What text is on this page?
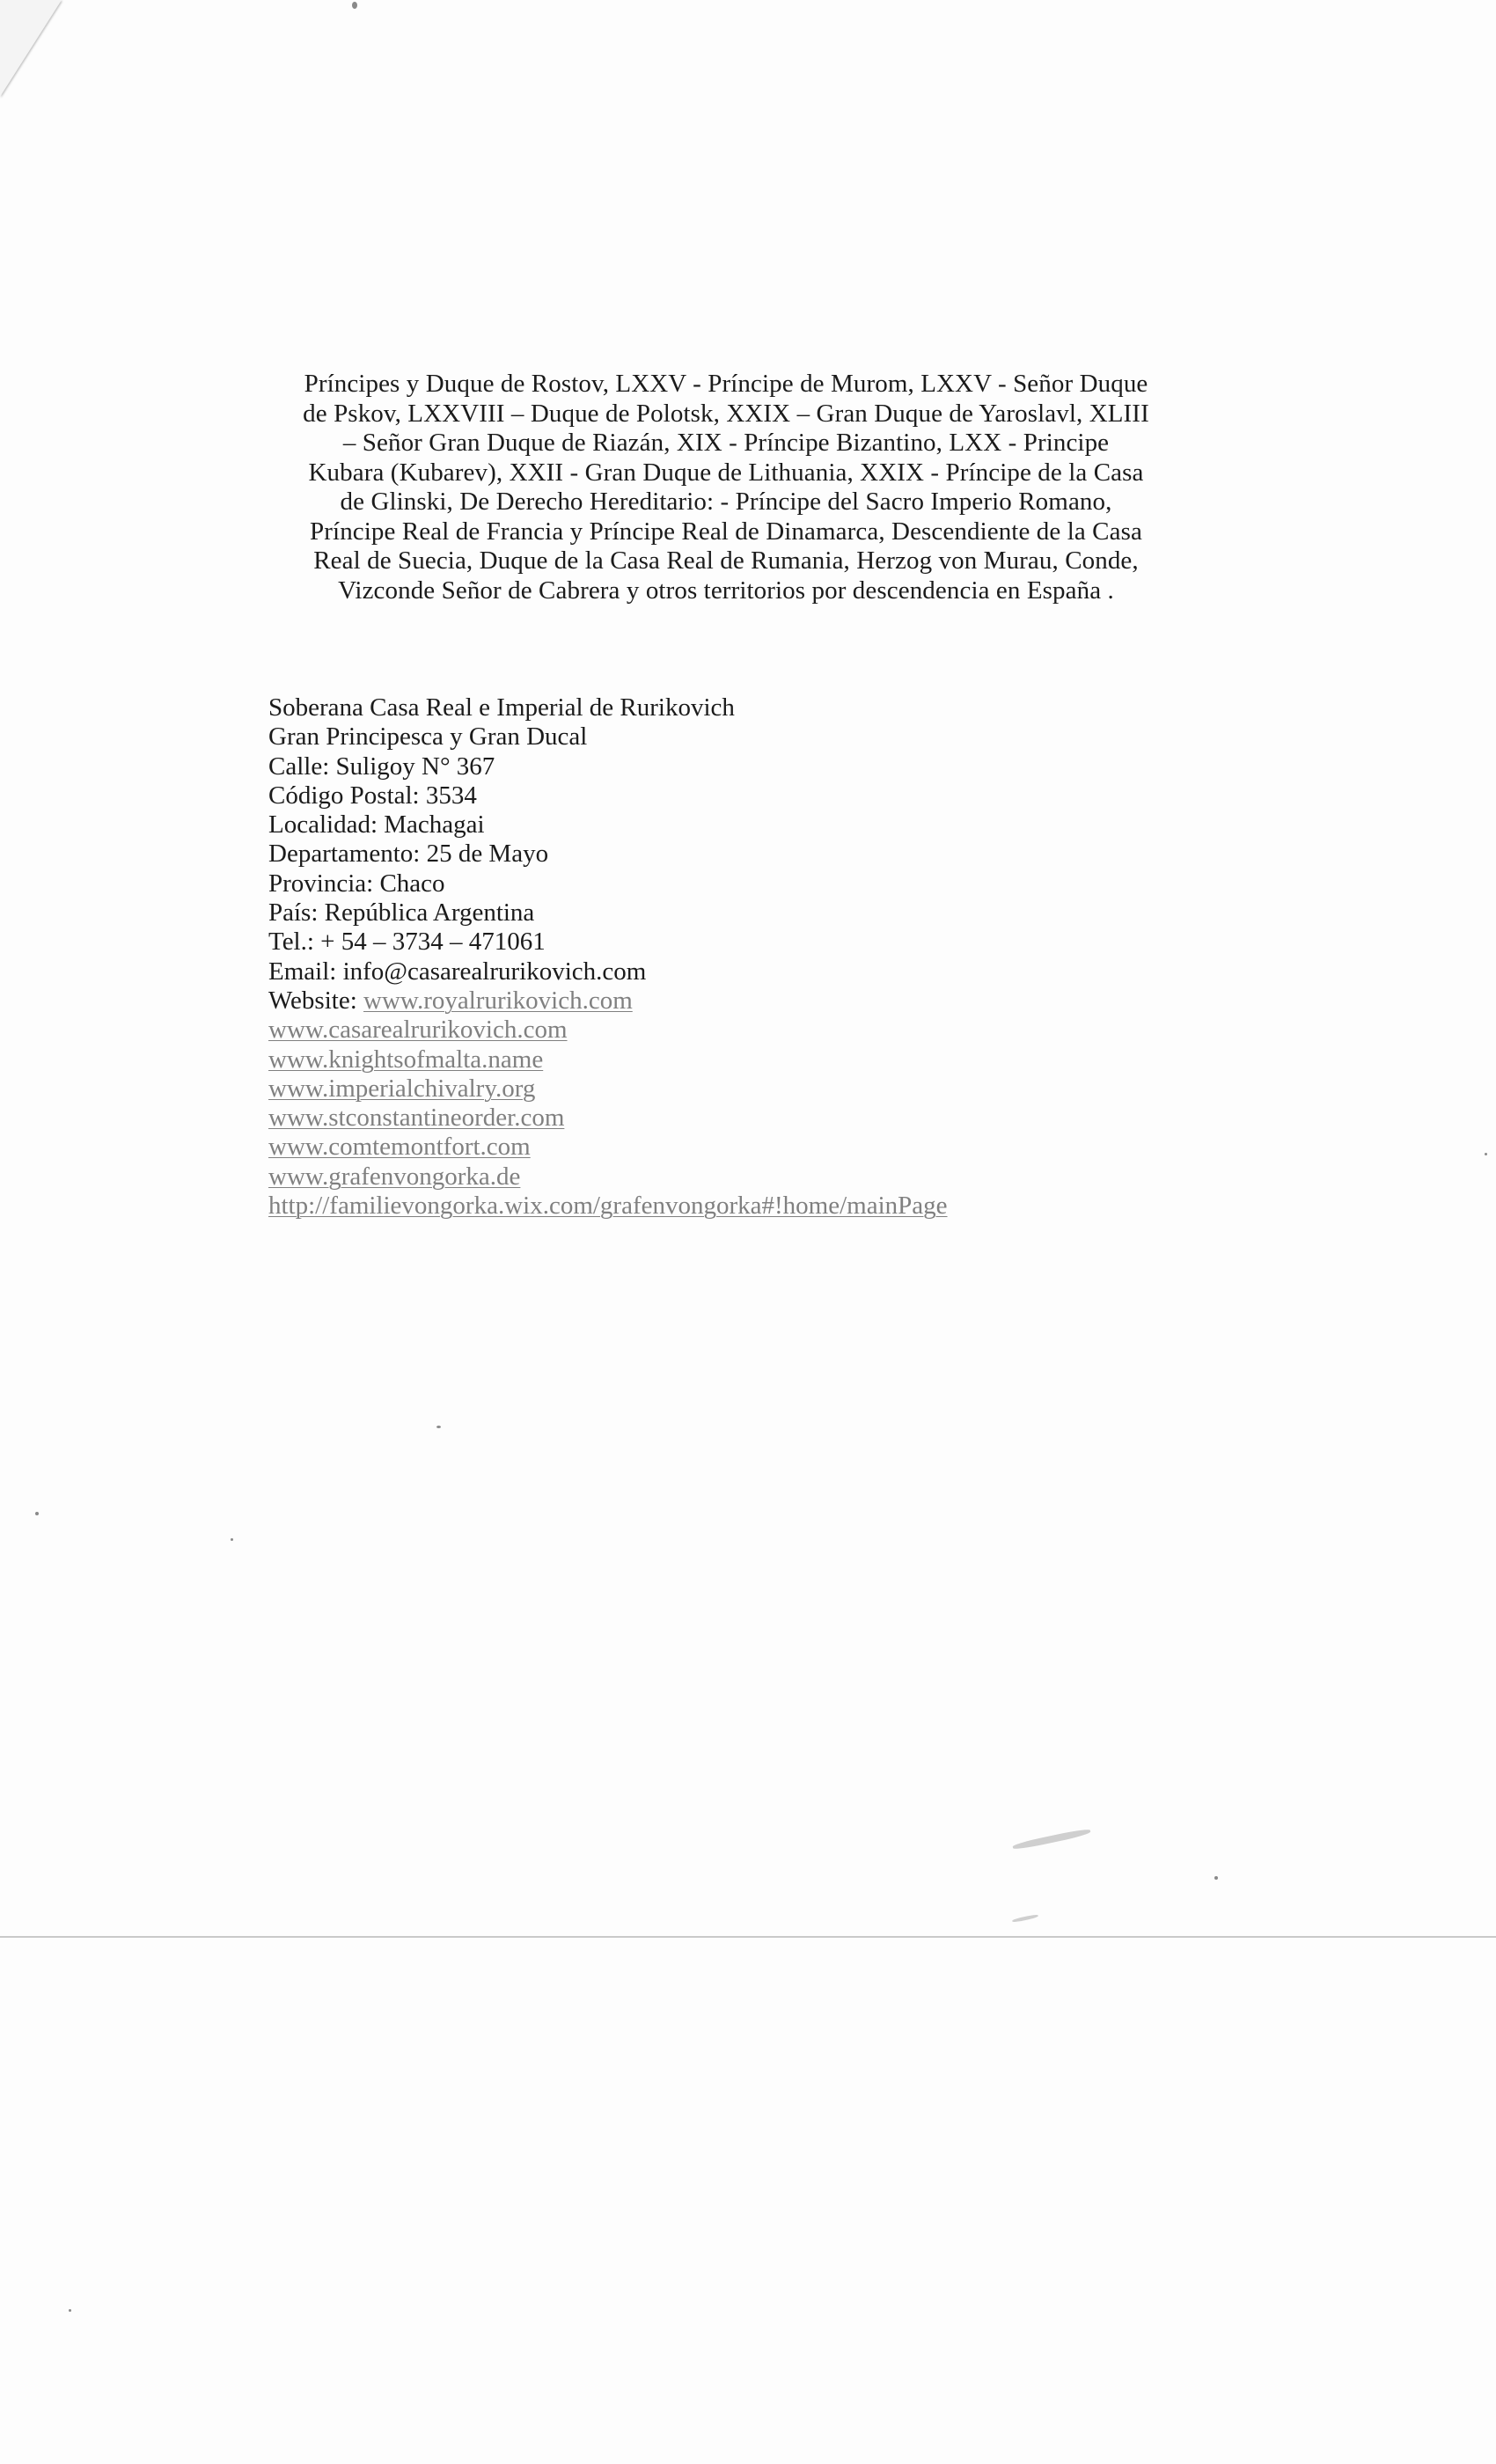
Príncipes y Duque de Rostov, LXXV - Príncipe de Murom, LXXV - Señor Duque
de Pskov, LXXVIII – Duque de Polotsk, XXIX – Gran Duque de Yaroslavl, XLIII
– Señor Gran Duque de Riazán, XIX - Príncipe Bizantino, LXX - Principe
Kubara (Kubarev), XXII - Gran Duque de Lithuania, XXIX - Príncipe de la Casa
de Glinski, De Derecho Hereditario: - Príncipe del Sacro Imperio Romano,
Príncipe Real de Francia y Príncipe Real de Dinamarca, Descendiente de la Casa
Real de Suecia, Duque de la Casa Real de Rumania, Herzog von Murau, Conde,
Vizconde Señor de Cabrera y otros territorios por descendencia en España .
Soberana Casa Real e Imperial de Rurikovich
Gran Principesca y Gran Ducal
Calle: Suligoy N° 367
Código Postal: 3534
Localidad: Machagai
Departamento: 25 de Mayo
Provincia: Chaco
País: República Argentina
Tel.: + 54 – 3734 – 471061
Email: info@casarealrurikovich.com
Website: www.royalrurikovich.com
www.casarealrurikovich.com
www.knightsofmalta.name
www.imperialchivalry.org
www.stconstantineorder.com
www.comtemontfort.com
www.grafenvongorka.de
http://familievongorka.wix.com/grafenvongorka#!home/mainPage
